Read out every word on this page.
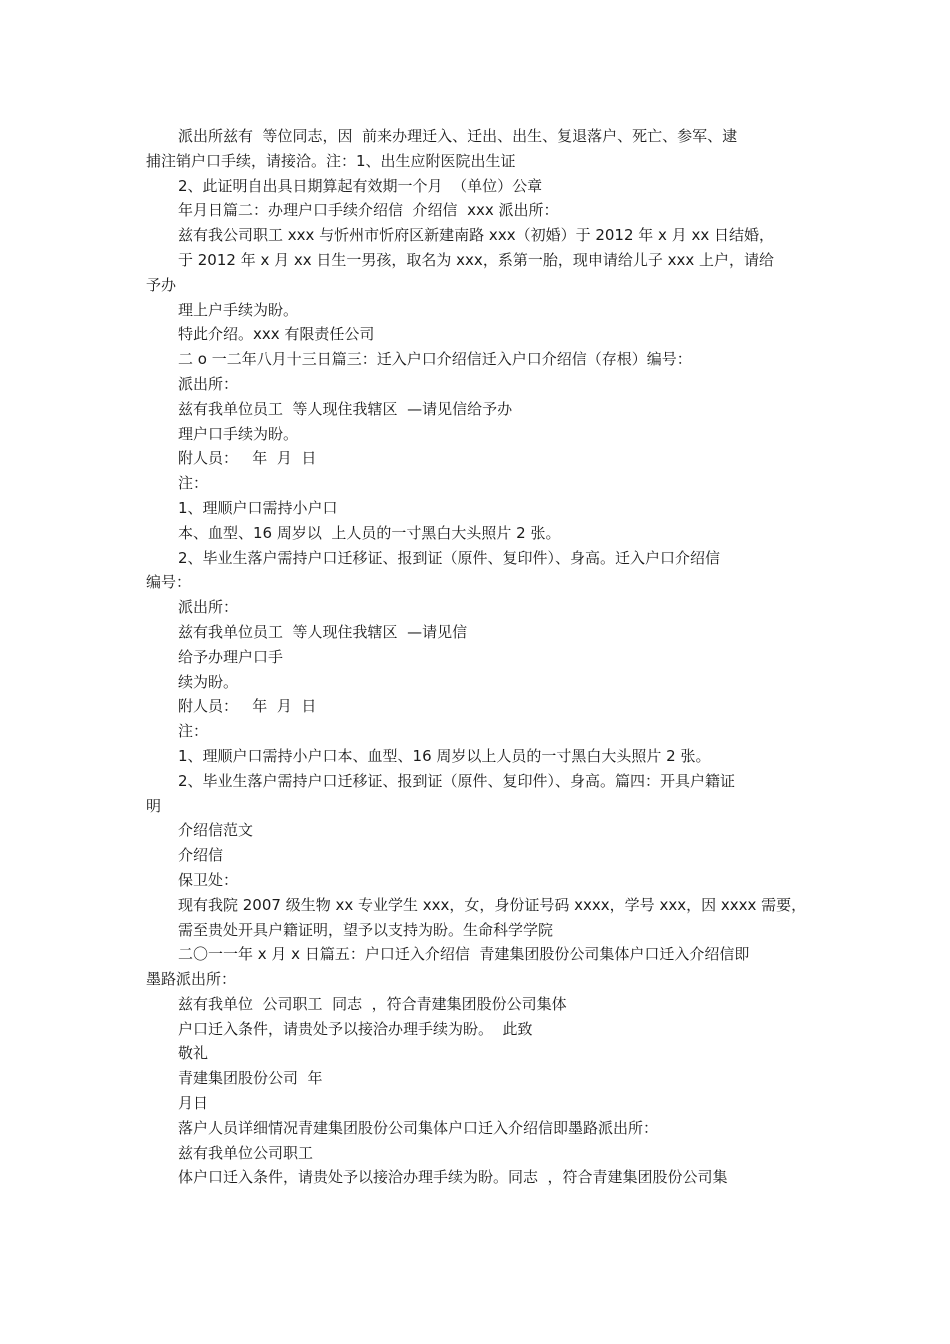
派出所兹有  等位同志，因  前来办理迁入、迁出、出生、复退落户、死亡、参军、逮
捕注销户口手续，请接洽。注：1、出生应附医院出生证
2、此证明自出具日期算起有效期一个月  （单位）公章
年月日篇二：办理户口手续介绍信  介绍信  xxx 派出所：
兹有我公司职工 xxx 与忻州市忻府区新建南路 xxx（初婚）于 2012 年 x 月 xx 日结婚，
于 2012 年 x 月 xx 日生一男孩，取名为 xxx，系第一胎，现申请给儿子 xxx 上户，请给
予办
理上户手续为盼。
特此介绍。xxx 有限责任公司
二 o 一二年八月十三日篇三：迁入户口介绍信迁入户口介绍信（存根）编号：
派出所：
兹有我单位员工  等人现住我辖区  —请见信给予办
理户口手续为盼。
附人员：   年  月  日
注：
1、理顺户口需持小户口
本、血型、16 周岁以  上人员的一寸黑白大头照片 2 张。
2、毕业生落户需持户口迁移证、报到证（原件、复印件）、身高。迁入户口介绍信
编号：
派出所：
兹有我单位员工  等人现住我辖区  —请见信
给予办理户口手
续为盼。
附人员：   年  月  日
注：
1、理顺户口需持小户口本、血型、16 周岁以上人员的一寸黑白大头照片 2 张。
2、毕业生落户需持户口迁移证、报到证（原件、复印件）、身高。篇四：开具户籍证
明
介绍信范文
介绍信
保卫处：
现有我院 2007 级生物 xx 专业学生 xxx，女，身份证号码 xxxx，学号 xxx，因 xxxx 需要，
需至贵处开具户籍证明，望予以支持为盼。生命科学学院
二〇一一年 x 月 x 日篇五：户口迁入介绍信  青建集团股份公司集体户口迁入介绍信即
墨路派出所：
兹有我单位  公司职工  同志  ，符合青建集团股份公司集体
户口迁入条件，请贵处予以接洽办理手续为盼。  此致
敬礼
青建集团股份公司  年
月日
落户人员详细情况青建集团股份公司集体户口迁入介绍信即墨路派出所：
兹有我单位公司职工
体户口迁入条件，请贵处予以接洽办理手续为盼。同志  ，符合青建集团股份公司集
